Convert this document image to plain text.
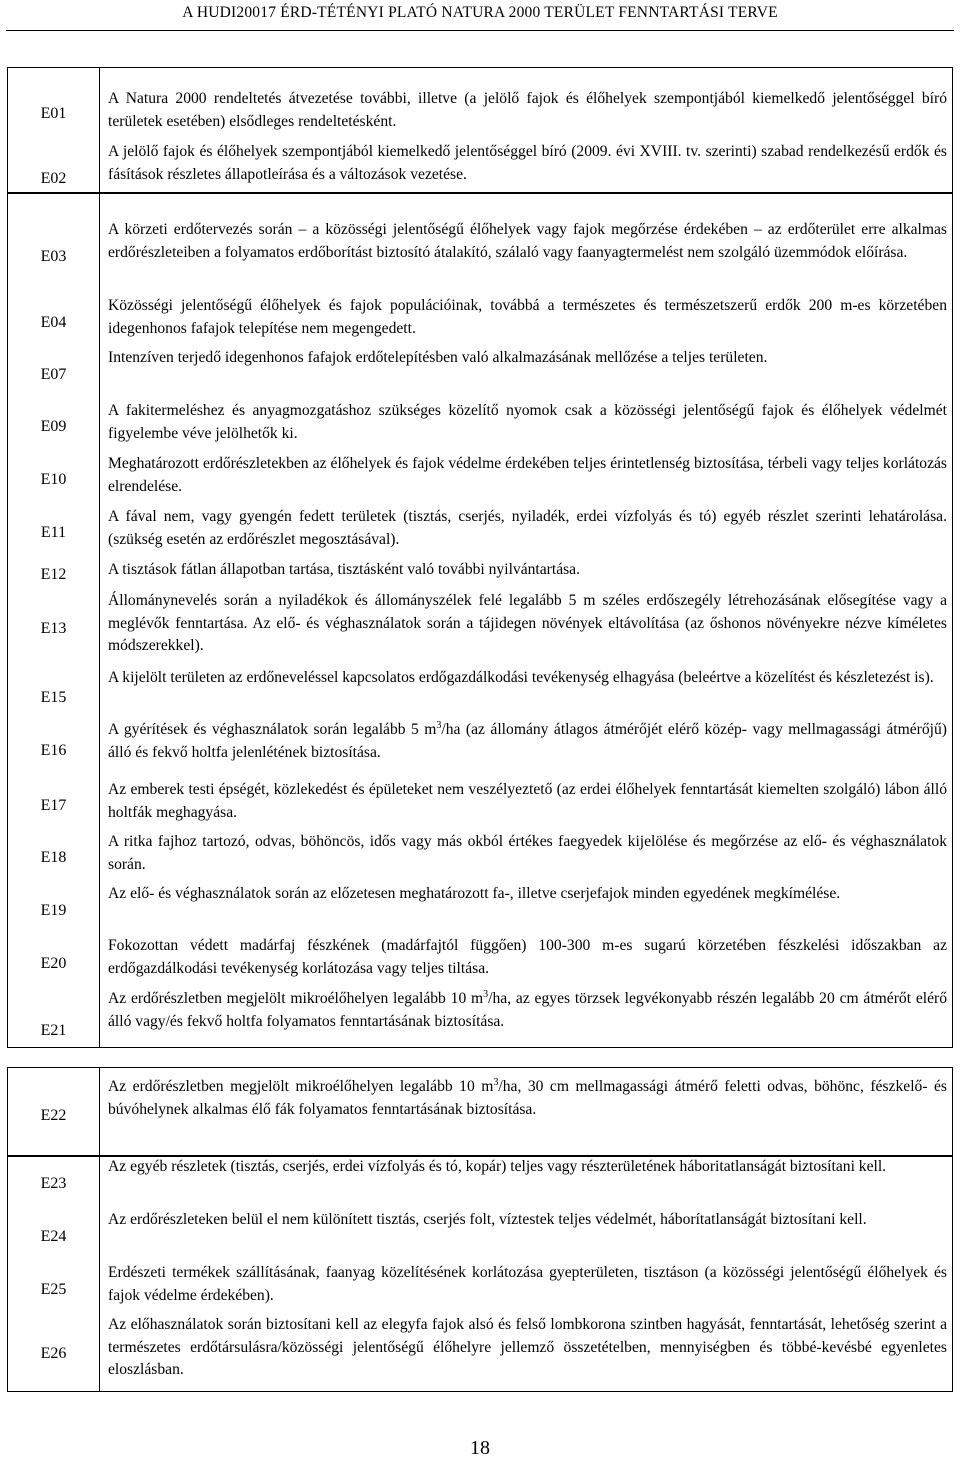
A HUDI20017 ÉRD-TÉTÉNYI PLATÓ NATURA 2000 TERÜLET FENNTARTÁSI TERVE
E01
E02
A Natura 2000 rendeltetés átvezetése további, illetve (a jelölő fajok és élőhelyek szempontjából kiemelkedő jelentőséggel bíró területek esetében) elsődleges rendeltetésként.
A jelölő fajok és élőhelyek szempontjából kiemelkedő jelentőséggel bíró (2009. évi XVIII. tv. szerinti) szabad rendelkezésű erdők és fásítások részletes állapotleírása és a változások vezetése.
E03
E04
E07
E09
E10
E11
E12
E13
E15
E16
E17
E18
E19
E20
E21
A körzeti erdőtervezés során – a közösségi jelentőségű élőhelyek vagy fajok megőrzése érdekében – az erdőterület erre alkalmas erdőrészleteiben a folyamatos erdőborítást biztosító átalakító, szálaló vagy faanyagtermelést nem szolgáló üzemmódok előírása.
Közösségi jelentőségű élőhelyek és fajok populációinak, továbbá a természetes és természetszerű erdők 200 m-es körzetében idegenhonos fafajok telepítése nem megengedett.
Intenzíven terjedő idegenhonos fafajok erdőtelepítésben való alkalmazásának mellőzése a teljes területen.
A fakitermeléshez és anyagmozgatáshoz szükséges közelítő nyomok csak a közösségi jelentőségű fajok és élőhelyek védelmét figyelembe véve jelölhetők ki.
Meghatározott erdőrészletekben az élőhelyek és fajok védelme érdekében teljes érintetlenség biztosítása, térbeli vagy teljes korlátozás elrendelése.
A fával nem, vagy gyengén fedett területek (tisztás, cserjés, nyiladék, erdei vízfolyás és tó) egyéb részlet szerinti lehatárolása. (szükség esetén az erdőrészlet megosztásával).
A tisztások fátlan állapotban tartása, tisztásként való további nyilvántartása.
Állománynevelés során a nyiladékok és állományszélek felé legalább 5 m széles erdőszegély létrehozásának elősegítése vagy a meglévők fenntartása. Az elő- és véghasználatok során a tájidegen növények eltávolítása (az őshonos növényekre nézve kíméletes módszerekkel).
A kijelölt területen az erdőneveléssel kapcsolatos erdőgazdálkodási tevékenység elhagyása (beleértve a közelítést és készletezést is).
A gyérítések és véghasználatok során legalább 5 $m^3/ha$ (az állomány átlagos átmérőjét elérő közép- vagy mellmagassági átmérőjű) álló és fekvő holtfa jelenlétének biztosítása.
Az emberek testi épségét, közlekedést és épületeket nem veszélyeztető (az erdei élőhelyek fenntartását kiemelten szolgáló) lábon álló holtfák meghagyása.
A ritka fajhoz tartozó, odvas, böhöncös, idős vagy más okból értékes faegyedek kijelölése és megőrzése az elő- és véghasználatok során.
Az elő- és véghasználatok során az előzetesen meghatározott fa-, illetve cserjefajok minden egyedének megkímélése.
Fokozottan védett madárfaj fészkének (madárfajtól függően) 100-300 m-es sugarú körzetében fészkelési időszakban az erdőgazdálkodási tevékenység korlátozása vagy teljes tiltása.
Az erdőrészletben megjelölt mikroélőhelyen legalább 10 $m^3/ha$, az egyes törzsek legvékonyabb részén legalább 20 cm átmérőt elérő álló vagy/és fekvő holtfa folyamatos fenntartásának biztosítása.
E22
Az erdőrészletben megjelölt mikroélőhelyen legalább 10 $m^3/ha$, 30 cm mellmagassági átmérő feletti odvas, böhönc, fészkelő- és búvóhelynek alkalmas élő fák folyamatos fenntartásának biztosítása.
E23
E24
E25
E26
Az egyéb részletek (tisztás, cserjés, erdei vízfolyás és tó, kopár) teljes vagy részterületének háboritatlanságát biztosítani kell.
Az erdőrészleteken belül el nem különített tisztás, cserjés folt, víztestek teljes védelmét, háborítatlanságát biztosítani kell.
Erdészeti termékek szállításának, faanyag közelítésének korlátozása gyepterületen, tisztáson (a közösségi jelentőségű élőhelyek és fajok védelme érdekében).
Az előhasználatok során biztosítani kell az elegyfa fajok alsó és felső lombkorona szintben hagyását, fenntartását, lehetőség szerint a természetes erdőtársulásra/közösségi jelentőségű élőhelyre jellemző összetételben, mennyiségben és többé-kevésbé egyenletes eloszlásban.
18
